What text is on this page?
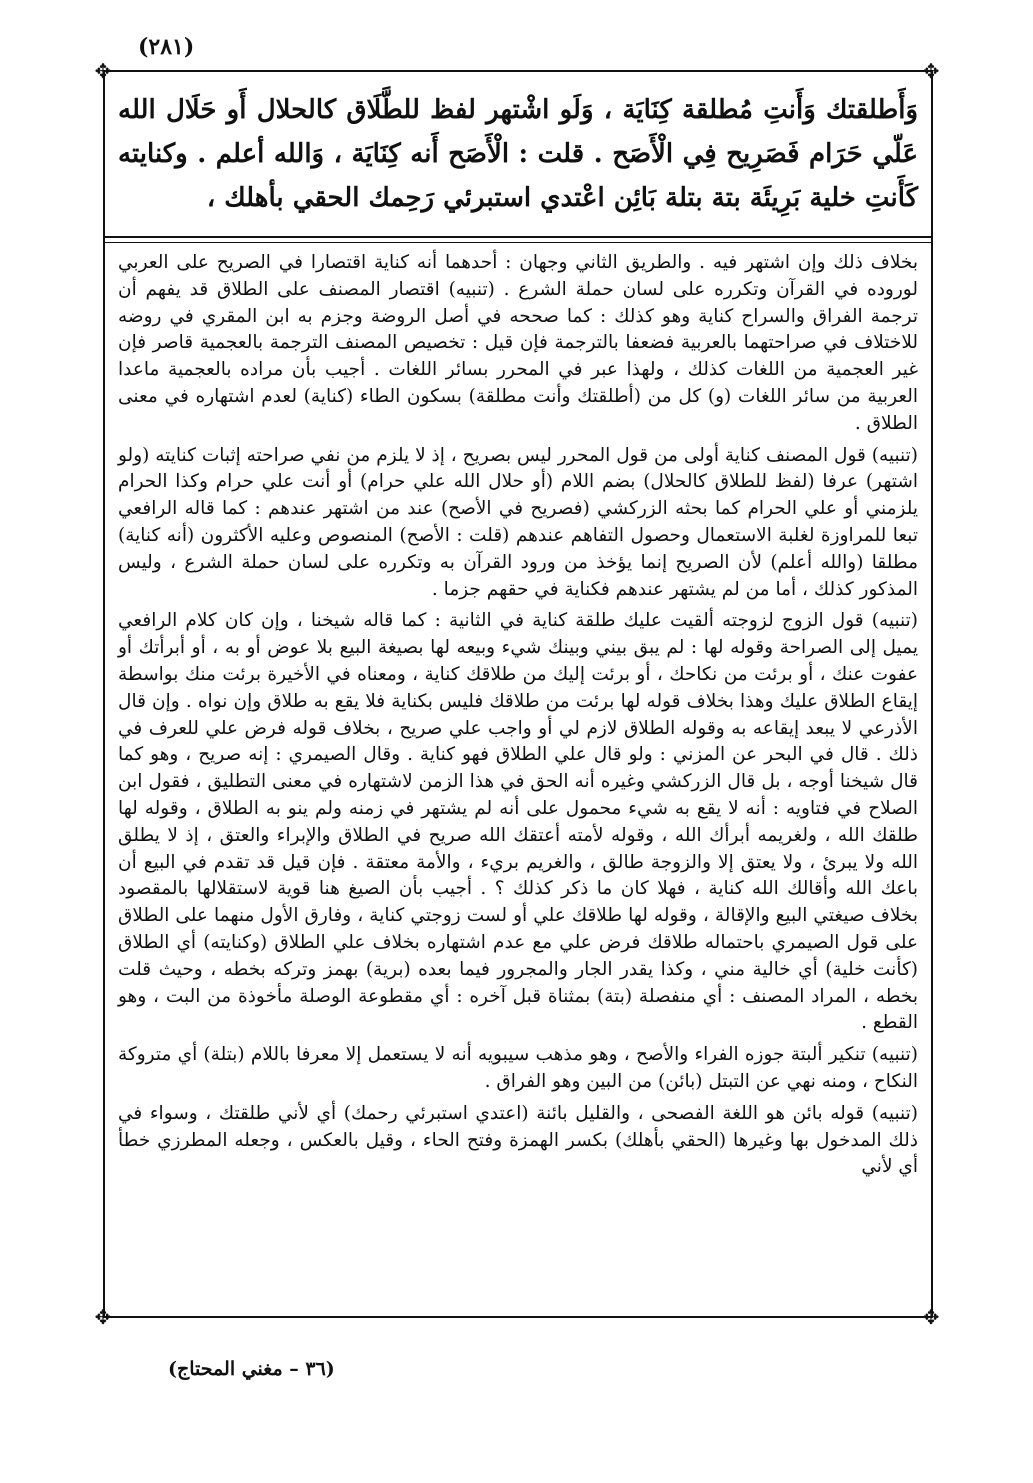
(٢٨١)
✥	✥
✥	✥

وَأَطلقتك وَأَنتِ مُطلقة كِنَايَة ، وَلَو اشْتهر لفظ للطَّلَاق كالحلال أَو حَلَال الله عَلّي حَرَام فَصَرِيح فِي الْأَصَح . قلت : الْأَصَح أَنه كِنَايَة ، وَالله أعلم . وكنايته كَأَنتِ خلية بَرِيئَة بتة بتلة بَائِن اعْتدي استبرئي رَحِمك الحقي بأهلك ،

بخلاف ذلك وإن اشتهر فيه . والطريق الثاني وجهان : أحدهما أنه كناية اقتصارا في الصريح على العربي لوروده في القرآن وتكرره على لسان حملة الشرع . (تنبيه) اقتصار المصنف على الطلاق قد يفهم أن ترجمة الفراق والسراح كناية وهو كذلك : كما صححه في أصل الروضة وجزم به ابن المقري في روضه للاختلاف في صراحتهما بالعربية فضعفا بالترجمة فإن قيل : تخصيص المصنف الترجمة بالعجمية قاصر فإن غير العجمية من اللغات كذلك ، ولهذا عبر في المحرر بسائر اللغات . أجيب بأن مراده بالعجمية ماعدا العربية من سائر اللغات (و) كل من (أطلقتك وأنت مطلقة) بسكون الطاء (كناية) لعدم اشتهاره في معنى الطلاق .

(تنبيه) قول المصنف كناية أولى من قول المحرر ليس بصريح ، إذ لا يلزم من نفي صراحته إثبات كنايته (ولو اشتهر) عرفا (لفظ للطلاق كالحلال) بضم اللام (أو حلال الله علي حرام) أو أنت علي حرام وكذا الحرام يلزمني أو علي الحرام كما بحثه الزركشي (فصريح في الأصح) عند من اشتهر عندهم : كما قاله الرافعي تبعا للمراوزة لغلبة الاستعمال وحصول التفاهم عندهم (قلت : الأصح) المنصوص وعليه الأكثرون (أنه كناية) مطلقا (والله أعلم) لأن الصريح إنما يؤخذ من ورود القرآن به وتكرره على لسان حملة الشرع ، وليس المذكور كذلك ، أما من لم يشتهر عندهم فكناية في حقهم جزما .

(تنبيه) قول الزوج لزوجته ألقيت عليك طلقة كناية في الثانية : كما قاله شيخنا ، وإن كان كلام الرافعي يميل إلى الصراحة وقوله لها : لم يبق بيني وبينك شيء وبيعه لها بصيغة البيع بلا عوض أو به ، أو أبرأتك أو عفوت عنك ، أو برئت من نكاحك ، أو برئت إليك من طلاقك كناية ، ومعناه في الأخيرة برئت منك بواسطة إيقاع الطلاق عليك وهذا بخلاف قوله لها برئت من طلاقك فليس بكناية فلا يقع به طلاق وإن نواه . وإن قال الأذرعي لا يبعد إيقاعه به وقوله الطلاق لازم لي أو واجب علي صريح ، بخلاف قوله فرض علي للعرف في ذلك . قال في البحر عن المزني : ولو قال علي الطلاق فهو كناية . وقال الصيمري : إنه صريح ، وهو كما قال شيخنا أوجه ، بل قال الزركشي وغيره أنه الحق في هذا الزمن لاشتهاره في معنى التطليق ، فقول ابن الصلاح في فتاويه : أنه لا يقع به شيء محمول على أنه لم يشتهر في زمنه ولم ينو به الطلاق ، وقوله لها طلقك الله ، ولغريمه أبرأك الله ، وقوله لأمته أعتقك الله صريح في الطلاق والإبراء والعتق ، إذ لا يطلق الله ولا يبرئ ، ولا يعتق إلا والزوجة طالق ، والغريم بريء ، والأمة معتقة . فإن قيل قد تقدم في البيع أن باعك الله وأقالك الله كناية ، فهلا كان ما ذكر كذلك ؟ . أجيب بأن الصيغ هنا قوية لاستقلالها بالمقصود بخلاف صيغتي البيع والإقالة ، وقوله لها طلاقك علي أو لست زوجتي كناية ، وفارق الأول منهما على الطلاق على قول الصيمري باحتماله طلاقك فرض علي مع عدم اشتهاره بخلاف علي الطلاق (وكنايته) أي الطلاق (كأنت خلية) أي خالية مني ، وكذا يقدر الجار والمجرور فيما بعده (برية) بهمز وتركه بخطه ، وحيث قلت بخطه ، المراد المصنف : أي منفصلة (بتة) بمثناة قبل آخره : أي مقطوعة الوصلة مأخوذة من البت ، وهو القطع .

(تنبيه) تنكير ألبتة جوزه الفراء والأصح ، وهو مذهب سيبويه أنه لا يستعمل إلا معرفا باللام (بتلة) أي متروكة النكاح ، ومنه نهي عن التبتل (بائن) من البين وهو الفراق .

(تنبيه) قوله بائن هو اللغة الفصحى ، والقليل بائنة (اعتدي استبرئي رحمك) أي لأني طلقتك ، وسواء في ذلك المدخول بها وغيرها (الحقي بأهلك) بكسر الهمزة وفتح الحاء ، وقيل بالعكس ، وجعله المطرزي خطأ أي لأني

(٣٦ – مغني المحتاج)
